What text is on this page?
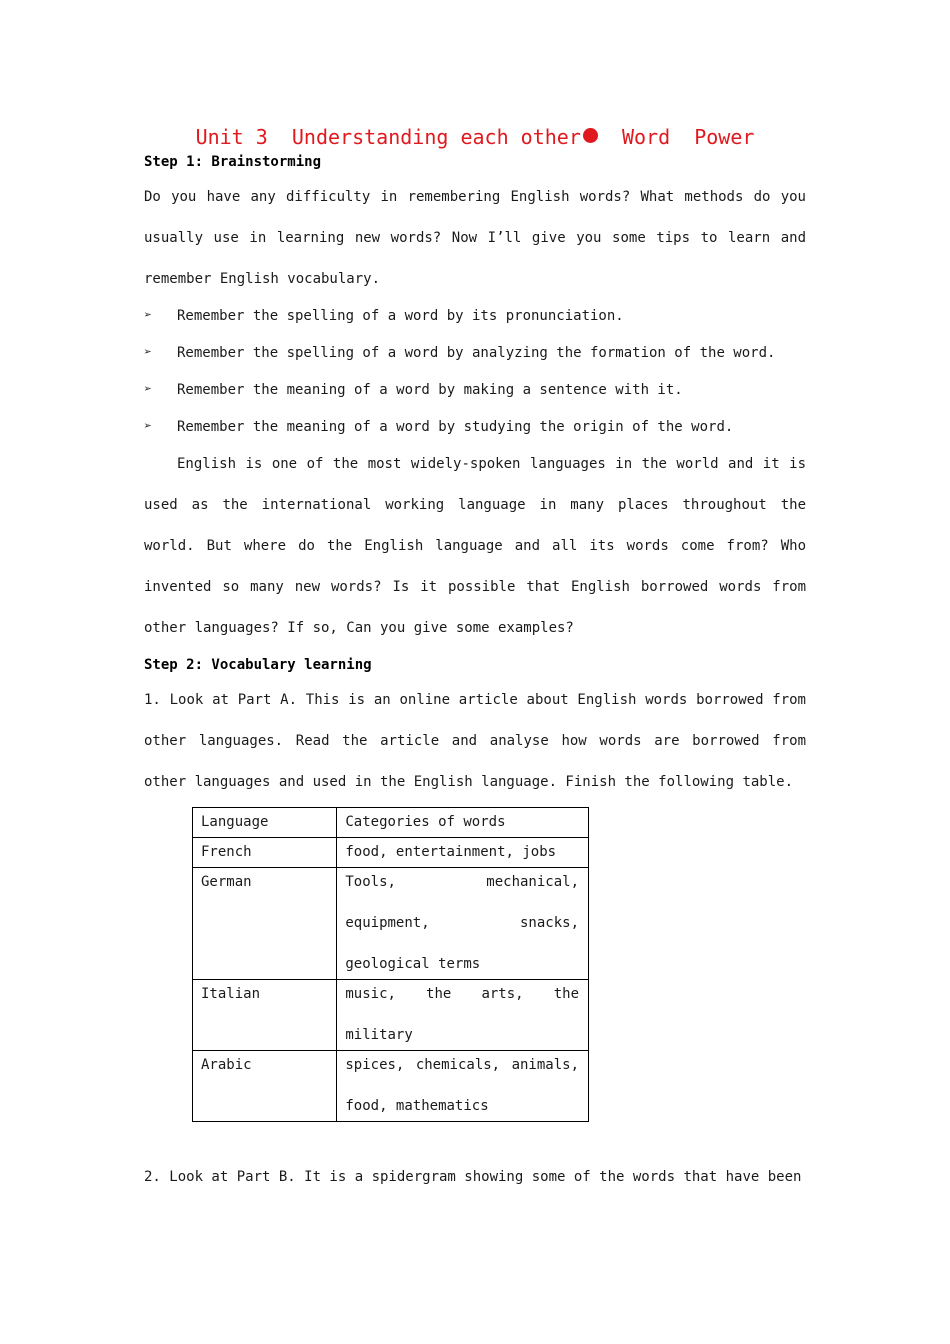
Unit 3  Understanding each other  Word  Power
Step 1: Brainstorming
Do you have any difficulty in remembering English words? What methods do you usually use in learning new words? Now I’ll give you some tips to learn and remember English vocabulary.
➢	Remember the spelling of a word by its pronunciation.
➢	Remember the spelling of a word by analyzing the formation of the word.
➢	Remember the meaning of a word by making a sentence with it.
➢	Remember the meaning of a word by studying the origin of the word.
English is one of the most widely-spoken languages in the world and it is used as the international working language in many places throughout the world. But where do the English language and all its words come from? Who invented so many new words? Is it possible that English borrowed words from other languages? If so, Can you give some examples?
Step 2: Vocabulary learning
1. Look at Part A. This is an online article about English words borrowed from other languages. Read the article and analyse how words are borrowed from other languages and used in the English language. Finish the following table.
Language	Categories of words

French	food, entertainment, jobs

German	Tools, mechanical, equipment, snacks, geological terms

Italian	music, the arts, the military

Arabic	spices, chemicals, animals, food, mathematics
2. Look at Part B. It is a spidergram showing some of the words that have been
